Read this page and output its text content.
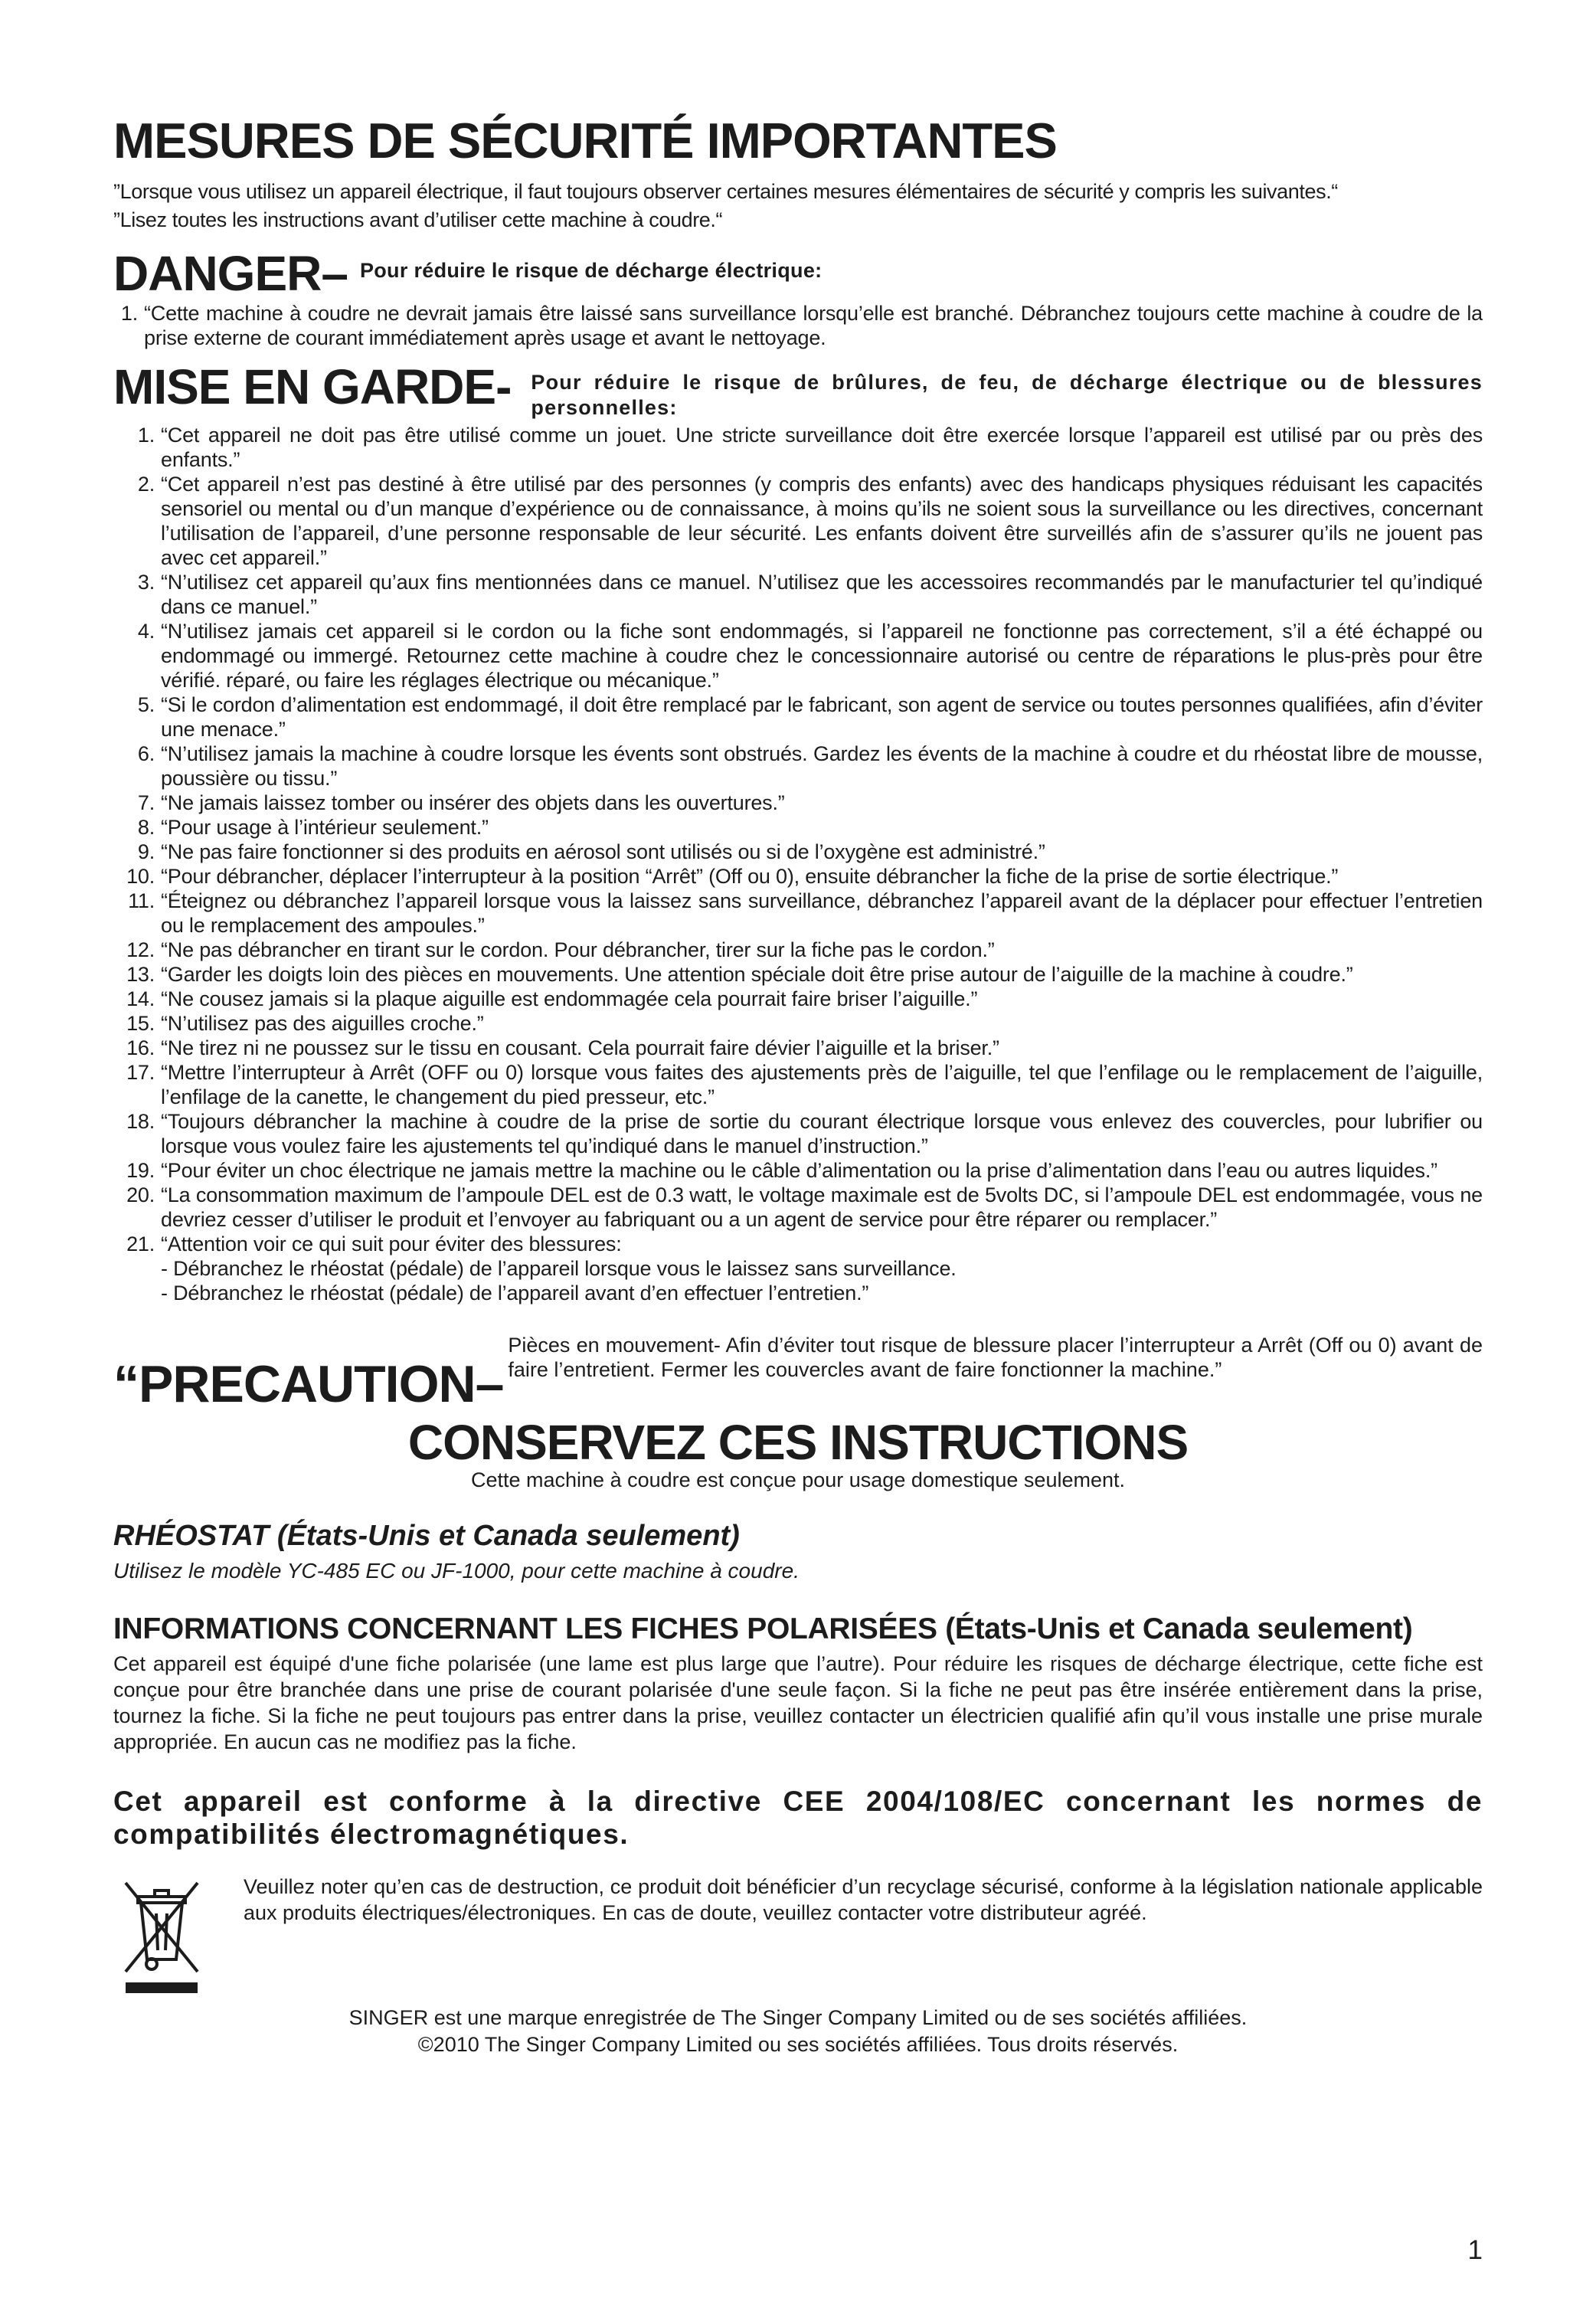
MESURES DE SÉCURITÉ IMPORTANTES

”Lorsque vous utilisez un appareil électrique, il faut toujours observer certaines mesures élémentaires de sécurité y compris les suivantes.“

”Lisez toutes les instructions avant d’utiliser cette machine à coudre.“

DANGER– Pour réduire le risque de décharge électrique:
1. “Cette machine à coudre ne devrait jamais être laissé sans surveillance lorsqu’elle est branché. Débranchez toujours cette machine à coudre de la prise externe de courant immédiatement après usage et avant le nettoyage.
MISE EN GARDE- Pour réduire le risque de brûlures, de feu, de décharge électrique ou de blessures personnelles:
1. “Cet appareil ne doit pas être utilisé comme un jouet. Une stricte surveillance doit être exercée lorsque l’appareil est utilisé par ou près des enfants.”
2. “Cet appareil n’est pas destiné à être utilisé par des personnes (y compris des enfants) avec des handicaps physiques réduisant les capacités sensoriel ou mental ou d’un manque d’expérience ou de connaissance, à moins qu’ils ne soient sous la surveillance ou les directives, concernant l’utilisation de l’appareil, d’une personne responsable de leur sécurité. Les enfants doivent être surveillés afin de s’assurer qu’ils ne jouent pas avec cet appareil.”
3. “N’utilisez cet appareil qu’aux fins mentionnées dans ce manuel. N’utilisez que les accessoires recommandés par le manufacturier tel qu’indiqué dans ce manuel.”
4. “N’utilisez jamais cet appareil si le cordon ou la fiche sont endommagés, si l’appareil ne fonctionne pas correctement, s’il a été échappé ou endommagé ou immergé. Retournez cette machine à coudre chez le concessionnaire autorisé ou centre de réparations le plus-près pour être vérifié. réparé, ou faire les réglages électrique ou mécanique.”
5. “Si le cordon d’alimentation est endommagé, il doit être remplacé par le fabricant, son agent de service ou toutes personnes qualifiées, afin d’éviter une menace.”
6. “N’utilisez jamais la machine à coudre lorsque les évents sont obstrués. Gardez les évents de la machine à coudre et du rhéostat libre de mousse, poussière ou tissu.”
7. “Ne jamais laissez tomber ou insérer des objets dans les ouvertures.”
8. “Pour usage à l’intérieur seulement.”
9. “Ne pas faire fonctionner si des produits en aérosol sont utilisés ou si de l’oxygène est administré.”
10. “Pour débrancher, déplacer l’interrupteur à la position “Arrêt” (Off ou 0), ensuite débrancher la fiche de la prise de sortie électrique.”
11. “Éteignez ou débranchez l’appareil lorsque vous la laissez sans surveillance, débranchez l’appareil avant de la déplacer pour effectuer l’entretien ou le remplacement des ampoules.”
12. “Ne pas débrancher en tirant sur le cordon. Pour débrancher, tirer sur la fiche pas le cordon.”
13. “Garder les doigts loin des pièces en mouvements. Une attention spéciale doit être prise autour de l’aiguille de la machine à coudre.”
14. “Ne cousez jamais si la plaque aiguille est endommagée cela pourrait faire briser l’aiguille.”
15. “N’utilisez pas des aiguilles croche.”
16. “Ne tirez ni ne poussez sur le tissu en cousant. Cela pourrait faire dévier l’aiguille et la briser.”
17. “Mettre l’interrupteur à Arrêt (OFF ou 0) lorsque vous faites des ajustements près de l’aiguille, tel que l’enfilage ou le remplacement de l’aiguille, l’enfilage de la canette, le changement du pied presseur, etc.”
18. “Toujours débrancher la machine à coudre de la prise de sortie du courant électrique lorsque vous enlevez des couvercles, pour lubrifier ou lorsque vous voulez faire les ajustements tel qu’indiqué dans le manuel d’instruction.”
19. “Pour éviter un choc électrique ne jamais mettre la machine ou le câble d’alimentation ou la prise d’alimentation dans l’eau ou autres liquides.”
20. “La consommation maximum de l’ampoule DEL est de 0.3 watt, le voltage maximale est de 5volts DC, si l’ampoule DEL est endommagée, vous ne devriez cesser d’utiliser le produit et l’envoyer au fabriquant ou a un agent de service pour être réparer ou remplacer.”
21. “Attention voir ce qui suit pour éviter des blessures:
- Débranchez le rhéostat (pédale) de l’appareil lorsque vous le laissez sans surveillance.
- Débranchez le rhéostat (pédale) de l’appareil avant d’en effectuer l’entretien.”
“PRECAUTION–
Pièces en mouvement- Afin d’éviter tout risque de blessure placer l’interrupteur a Arrêt (Off ou 0) avant de faire l’entretient. Fermer les couvercles avant de faire fonctionner la machine.”
CONSERVEZ CES INSTRUCTIONS
Cette machine à coudre est conçue pour usage domestique seulement.
RHÉOSTAT (États-Unis et Canada seulement)
Utilisez le modèle YC-485 EC ou JF-1000, pour cette machine à coudre.
INFORMATIONS CONCERNANT LES FICHES POLARISÉES (États-Unis et Canada seulement)
Cet appareil est équipé d'une fiche polarisée (une lame est plus large que l’autre). Pour réduire les risques de décharge électrique, cette fiche est conçue pour être branchée dans une prise de courant polarisée d'une seule façon. Si la fiche ne peut pas être insérée entièrement dans la prise, tournez la fiche. Si la fiche ne peut toujours pas entrer dans la prise, veuillez contacter un électricien qualifié afin qu’il vous installe une prise murale appropriée. En aucun cas ne modifiez pas la fiche.
Cet appareil est conforme à la directive CEE 2004/108/EC concernant les normes de compatibilités électromagnétiques.
Veuillez noter qu’en cas de destruction, ce produit doit bénéficier d’un recyclage sécurisé, conforme à la législation nationale applicable aux produits électriques/électroniques. En cas de doute, veuillez contacter votre distributeur agréé.
SINGER est une marque enregistrée de The Singer Company Limited ou de ses sociétés affiliées.
©2010 The Singer Company Limited ou ses sociétés affiliées. Tous droits réservés.
1
